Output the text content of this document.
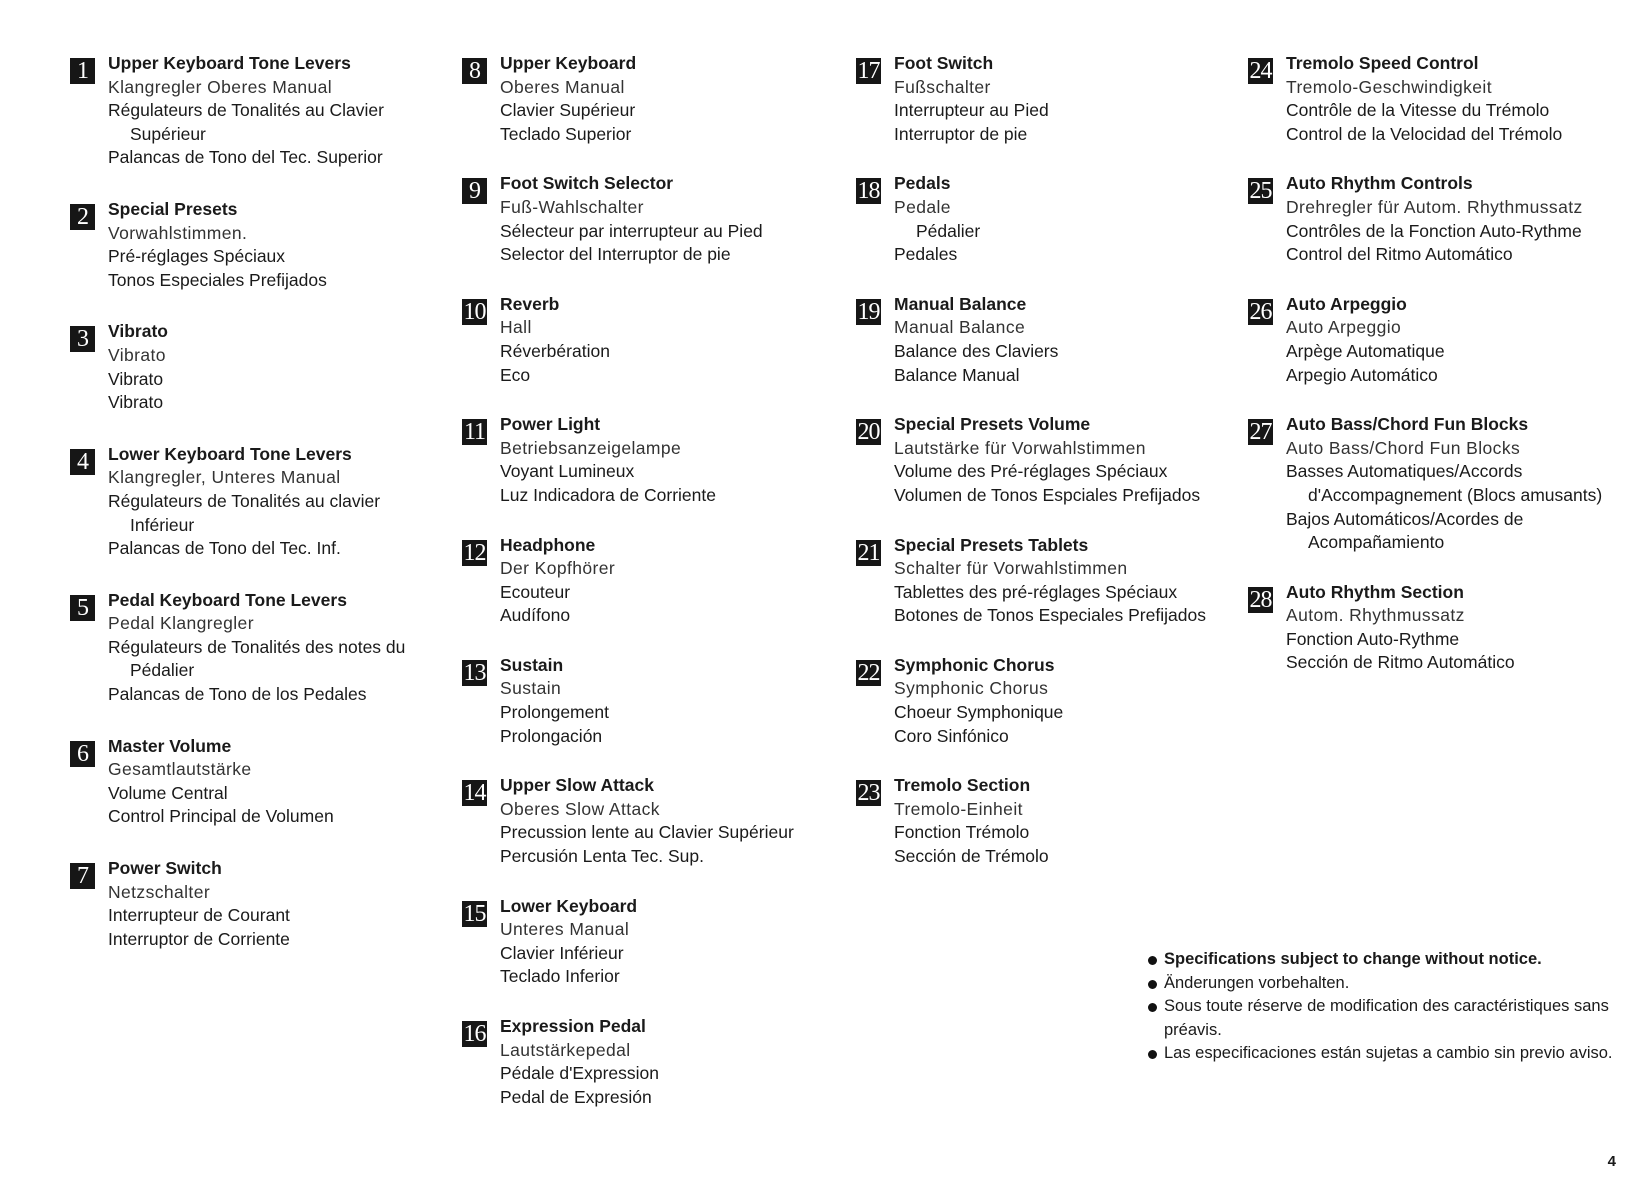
1	Upper Keyboard Tone Levers
Klangregler Oberes Manual
Régulateurs de Tonalités au Clavier
Supérieur
Palancas de Tono del Tec. Superior
2	Special Presets
Vorwahlstimmen.
Pré-réglages Spéciaux
Tonos Especiales Prefijados
3	Vibrato
Vibrato
Vibrato
Vibrato
4	Lower Keyboard Tone Levers
Klangregler, Unteres Manual
Régulateurs de Tonalités au clavier
Inférieur
Palancas de Tono del Tec. Inf.
5	Pedal Keyboard Tone Levers
Pedal Klangregler
Régulateurs de Tonalités des notes du
Pédalier
Palancas de Tono de los Pedales
6	Master Volume
Gesamtlautstärke
Volume Central
Control Principal de Volumen
7	Power Switch
Netzschalter
Interrupteur de Courant
Interruptor de Corriente
8	Upper Keyboard
Oberes Manual
Clavier Supérieur
Teclado Superior
9	Foot Switch Selector
Fuß-Wahlschalter
Sélecteur par interrupteur au Pied
Selector del Interruptor de pie
10 Reverb
Hall
Réverbération
Eco
11 Power Light
Betriebsanzeigelampe
Voyant Lumineux
Luz Indicadora de Corriente
12 Headphone
Der Kopfhörer
Ecouteur
Audífono
13 Sustain
Sustain
Prolongement
Prolongación
14 Upper Slow Attack
Oberes Slow Attack
Precussion lente au Clavier Supérieur
Percusión Lenta Tec. Sup.
15 Lower Keyboard
Unteres Manual
Clavier Inférieur
Teclado Inferior
16 Expression Pedal
Lautstärkepedal
Pédale d'Expression
Pedal de Expresión
17 Foot Switch
Fußschalter
Interrupteur au Pied
Interruptor de pie
18 Pedals
Pedale
Pédalier
Pedales
19 Manual Balance
Manual Balance
Balance des Claviers
Balance Manual
20 Special Presets Volume
Lautstärke für Vorwahlstimmen
Volume des Pré-réglages Spéciaux
Volumen de Tonos Espciales Prefijados
21 Special Presets Tablets
Schalter für Vorwahlstimmen
Tablettes des pré-réglages Spéciaux
Botones de Tonos Especiales Prefijados
22 Symphonic Chorus
Symphonic Chorus
Choeur Symphonique
Coro Sinfónico
23 Tremolo Section
Tremolo-Einheit
Fonction Trémolo
Sección de Trémolo
24 Tremolo Speed Control
Tremolo-Geschwindigkeit
Contrôle de la Vitesse du Trémolo
Control de la Velocidad del Trémolo
25 Auto Rhythm Controls
Drehregler für Autom. Rhythmussatz
Contrôles de la Fonction Auto-Rythme
Control del Ritmo Automático
26 Auto Arpeggio
Auto Arpeggio
Arpège Automatique
Arpegio Automático
27 Auto Bass/Chord Fun Blocks
Auto Bass/Chord Fun Blocks
Basses Automatiques/Accords
d'Accompagnement (Blocs amusants)
Bajos Automáticos/Acordes de
Acompañamiento
28 Auto Rhythm Section
Autom. Rhythmussatz
Fonction Auto-Rythme
Sección de Ritmo Automático
Specifications subject to change without notice.
Änderungen vorbehalten.
Sous toute réserve de modification des caractéristiques sans préavis.
Las especificaciones están sujetas a cambio sin previo aviso.
4
